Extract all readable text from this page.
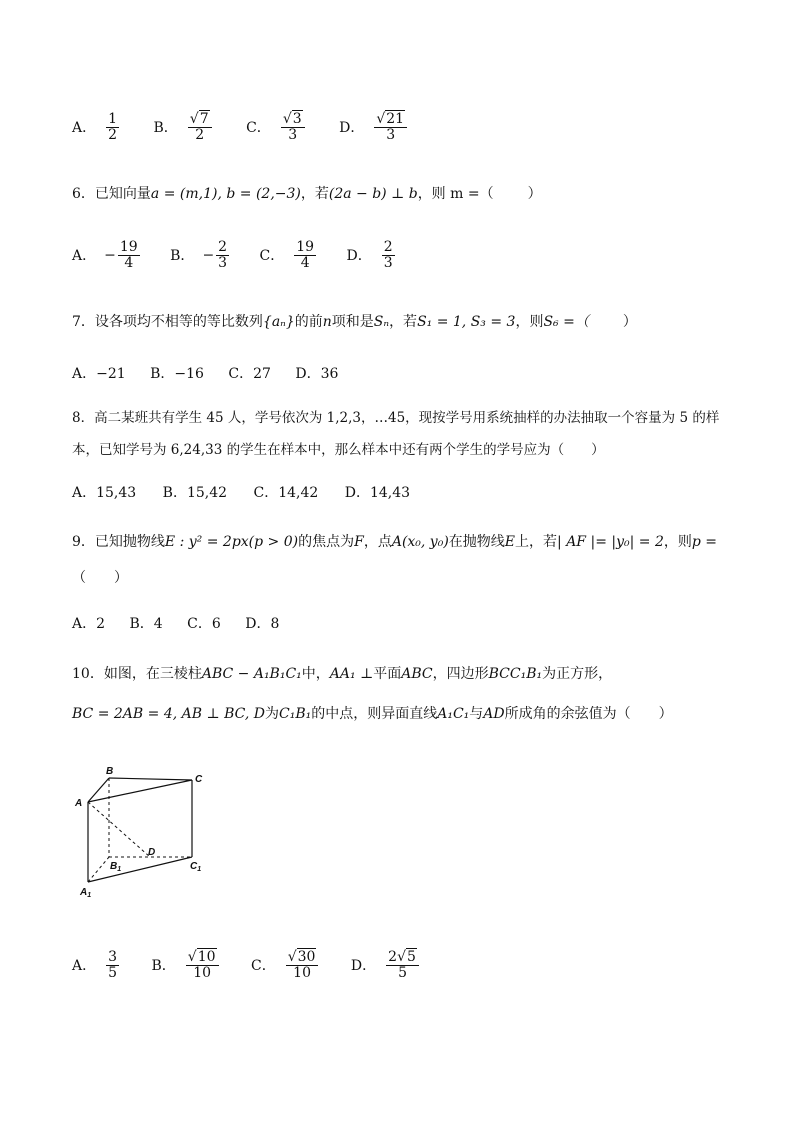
A． $\frac{1}{2}$ B． $\frac{√7}{2}$ C． $\frac{√3}{3}$ D． $\frac{√21}{3}$
6．已知向量a = (m,1), b = (2,−3)，若(2a − b) ⊥ b，则 m =（ ）
A． − $\frac{19}{4}$ B． − $\frac{2}{3}$ C． $\frac{19}{4}$ D． $\frac{2}{3}$
7．设各项均不相等的等比数列{aₙ}的前n项和是Sₙ，若S₁ = 1, S₃ = 3，则S₆ =（ ）
A．−21 B．−16 C．27 D．36
8．高二某班共有学生 45 人，学号依次为 1,2,3，…45，现按学号用系统抽样的办法抽取一个容量为 5 的样
本，已知学号为 6,24,33 的学生在样本中，那么样本中还有两个学生的学号应为（　　）
A．15,43 B．15,42 C．14,42 D．14,43
9．已知抛物线E : y² = 2px(p > 0)的焦点为F，点A(x₀, y₀)在抛物线E上，若| AF |= |y₀| = 2，则p =
（　　）
A．2 B．4 C．6 D．8
10．如图，在三棱柱ABC − A₁B₁C₁中，AA₁ ⊥平面ABC，四边形BCC₁B₁为正方形，
BC = 2AB = 4, AB ⊥ BC, D为C₁B₁的中点，则异面直线A₁C₁与AD所成角的余弦值为（　　）
B
C
A
D
$B_1$	$C_1$
$A_1$
A． $\frac{3}{5}$ B． $\frac{√10}{10}$ C． $\frac{√30}{10}$ D． $\frac{2√5}{5}$
